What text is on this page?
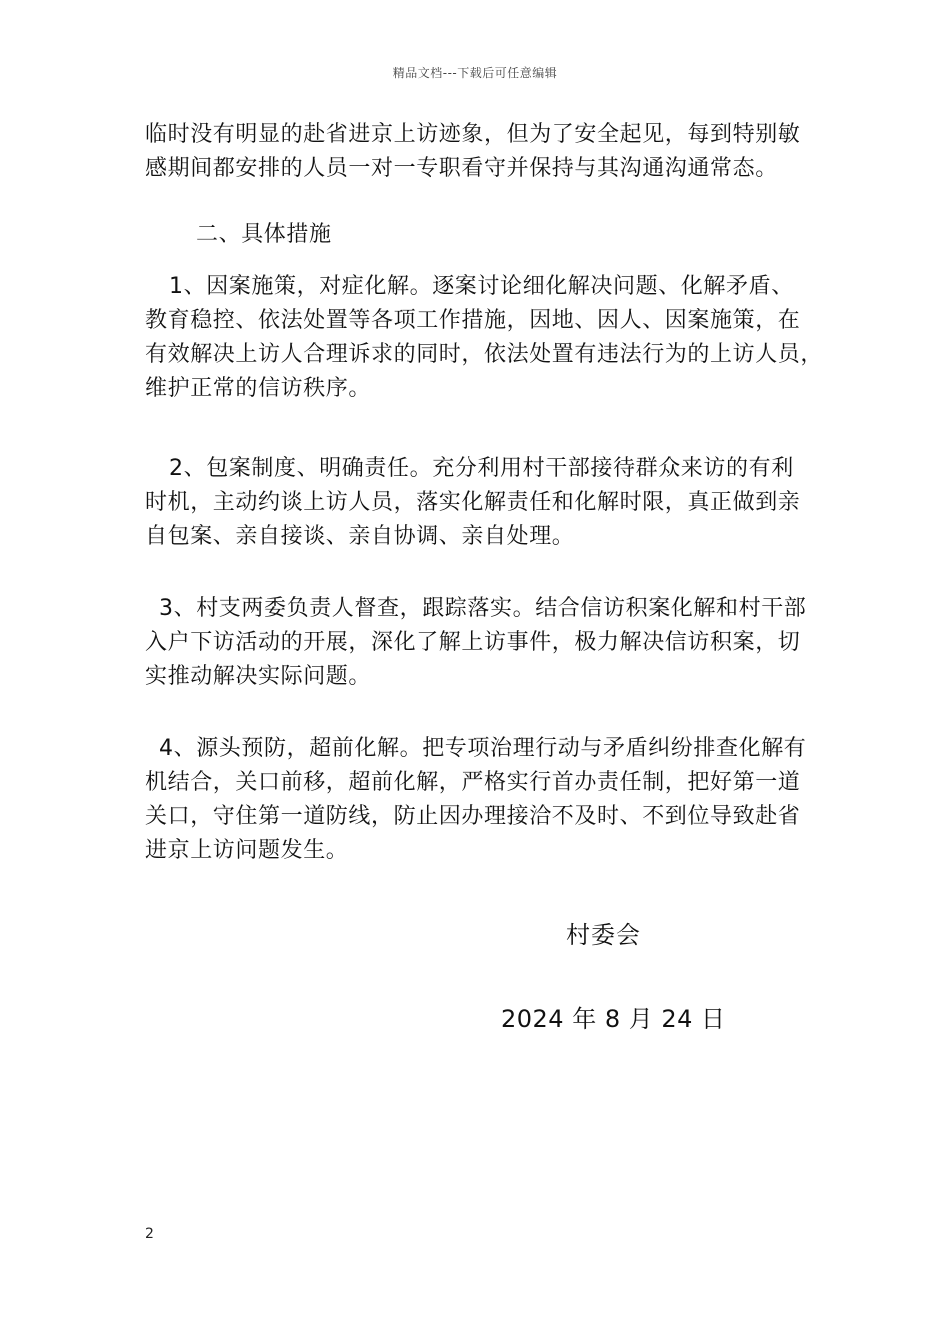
精品文档---下载后可任意编辑
临时没有明显的赴省进京上访迹象，但为了安全起见，每到特别敏
感期间都安排的人员一对一专职看守并保持与其沟通沟通常态。
二、具体措施
1、因案施策，对症化解。逐案讨论细化解决问题、化解矛盾、
教育稳控、依法处置等各项工作措施，因地、因人、因案施策，在
有效解决上访人合理诉求的同时，依法处置有违法行为的上访人员，
维护正常的信访秩序。
2、包案制度、明确责任。充分利用村干部接待群众来访的有利
时机，主动约谈上访人员，落实化解责任和化解时限，真正做到亲
自包案、亲自接谈、亲自协调、亲自处理。
3、村支两委负责人督查，跟踪落实。结合信访积案化解和村干部
入户下访活动的开展，深化了解上访事件，极力解决信访积案，切
实推动解决实际问题。
4、源头预防，超前化解。把专项治理行动与矛盾纠纷排查化解有
机结合，关口前移，超前化解，严格实行首办责任制，把好第一道
关口，守住第一道防线，防止因办理接洽不及时、不到位导致赴省
进京上访问题发生。
村委会
2024 年 8 月 24 日
2
